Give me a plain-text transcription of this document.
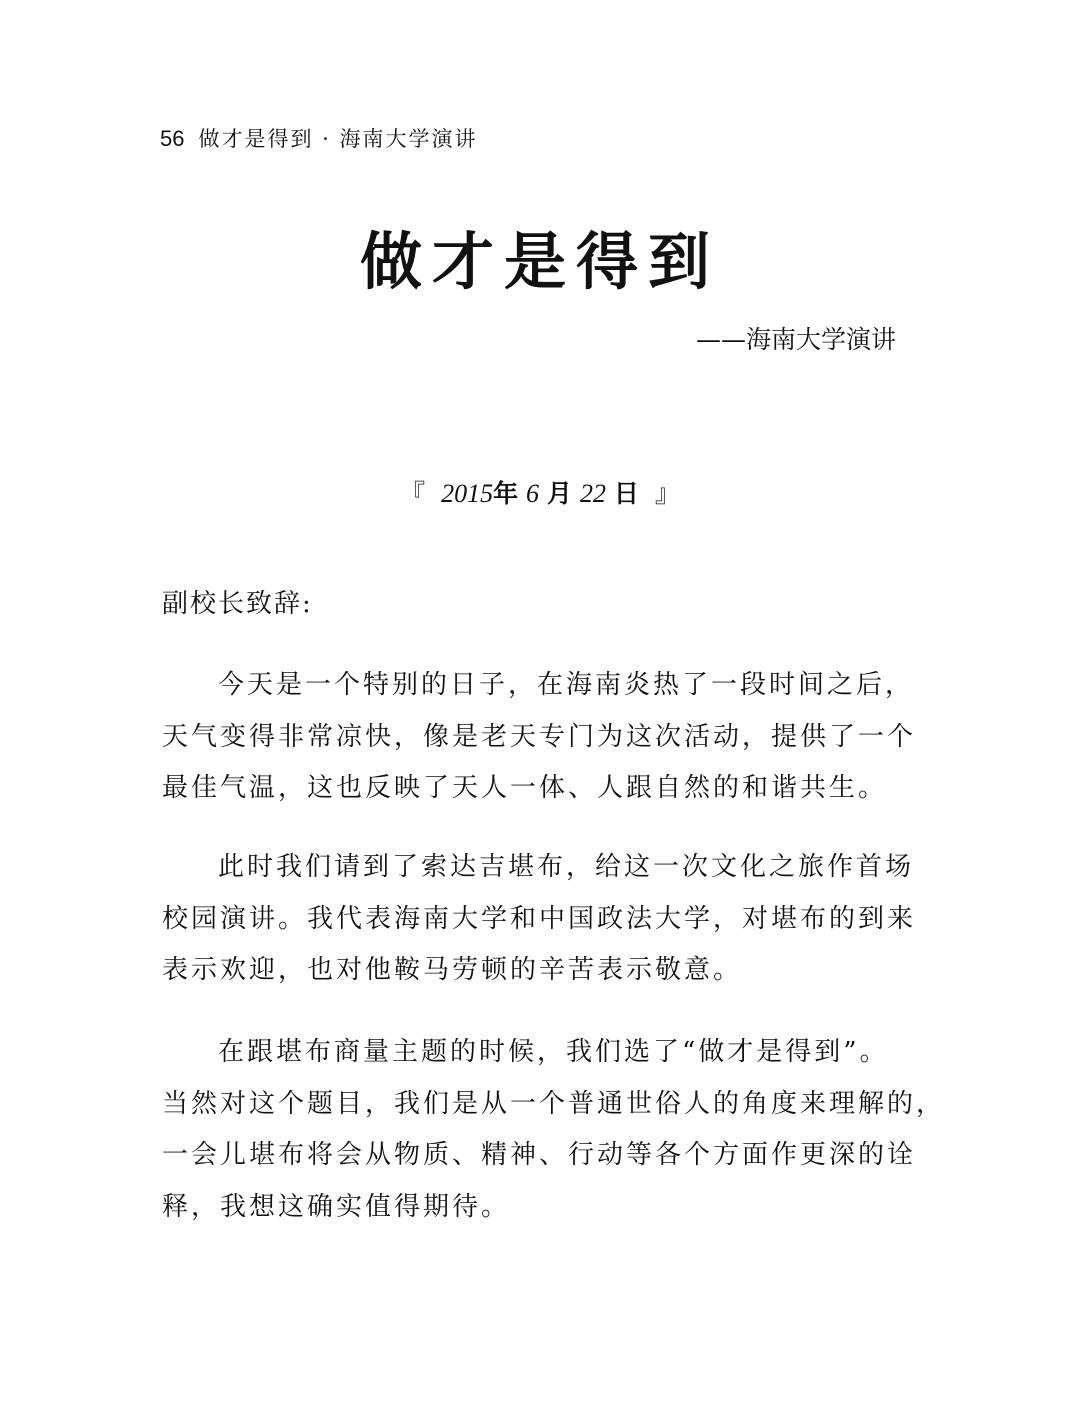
56 做才是得到 · 海南大学演讲
做才是得到
——海南大学演讲
『 2015年 6 月 22 日 』
副校长致辞:
今天是一个特别的日子，在海南炎热了一段时间之后，
天气变得非常凉快，像是老天专门为这次活动，提供了一个
最佳气温，这也反映了天人一体、人跟自然的和谐共生。
此时我们请到了索达吉堪布，给这一次文化之旅作首场
校园演讲。我代表海南大学和中国政法大学，对堪布的到来
表示欢迎，也对他鞍马劳顿的辛苦表示敬意。
在跟堪布商量主题的时候，我们选了“做才是得到”。
当然对这个题目，我们是从一个普通世俗人的角度来理解的，
一会儿堪布将会从物质、精神、行动等各个方面作更深的诠
释，我想这确实值得期待。
